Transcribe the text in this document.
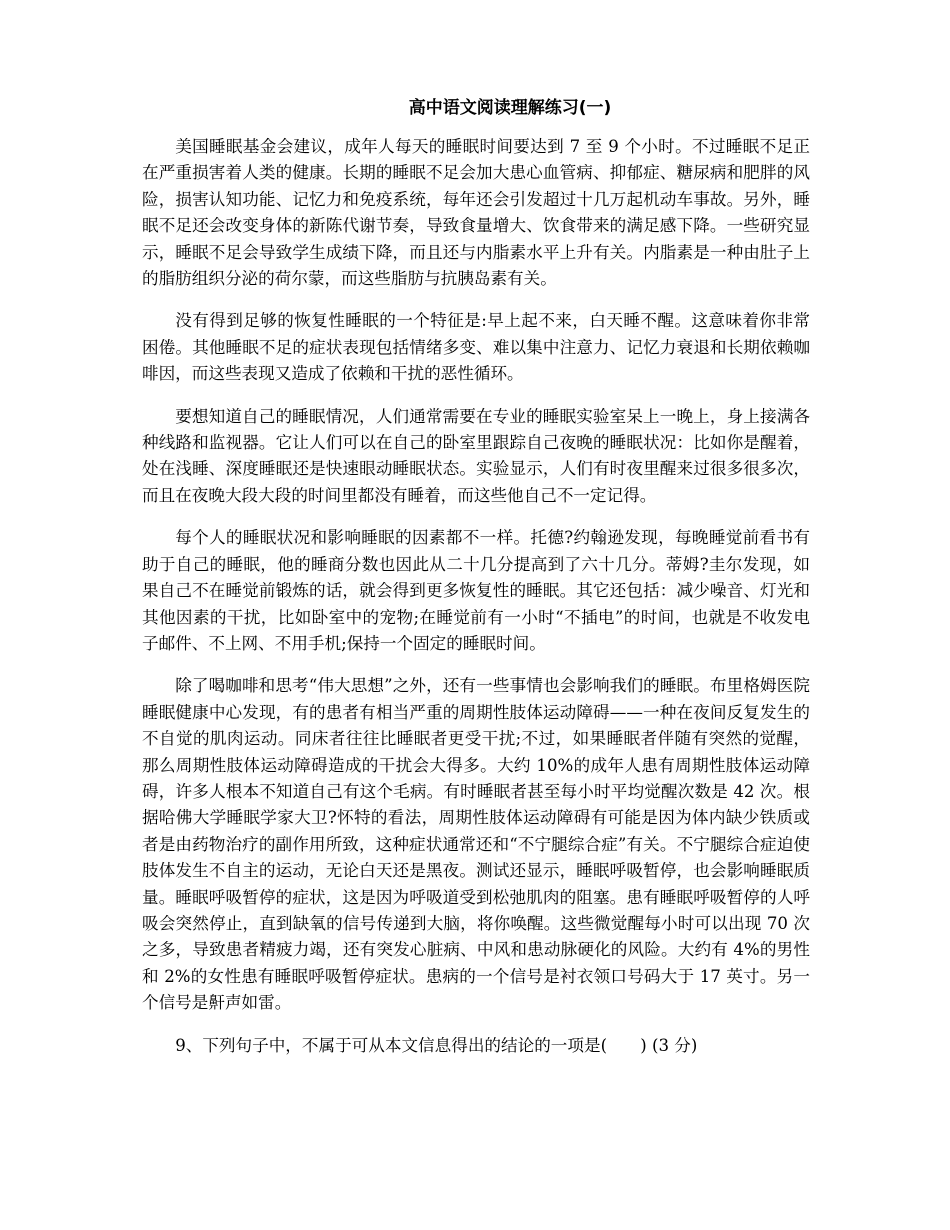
高中语文阅读理解练习(一)

美国睡眠基金会建议，成年人每天的睡眠时间要达到 7 至 9 个小时。不过睡眠不足正在严重损害着人类的健康。长期的睡眠不足会加大患心血管病、抑郁症、糖尿病和肥胖的风险，损害认知功能、记忆力和免疫系统，每年还会引发超过十几万起机动车事故。另外，睡眠不足还会改变身体的新陈代谢节奏，导致食量增大、饮食带来的满足感下降。一些研究显示，睡眠不足会导致学生成绩下降，而且还与内脂素水平上升有关。内脂素是一种由肚子上的脂肪组织分泌的荷尔蒙，而这些脂肪与抗胰岛素有关。

没有得到足够的恢复性睡眠的一个特征是:早上起不来，白天睡不醒。这意味着你非常困倦。其他睡眠不足的症状表现包括情绪多变、难以集中注意力、记忆力衰退和长期依赖咖啡因，而这些表现又造成了依赖和干扰的恶性循环。

要想知道自己的睡眠情况，人们通常需要在专业的睡眠实验室呆上一晚上，身上接满各种线路和监视器。它让人们可以在自己的卧室里跟踪自己夜晚的睡眠状况：比如你是醒着，处在浅睡、深度睡眠还是快速眼动睡眠状态。实验显示，人们有时夜里醒来过很多很多次，而且在夜晚大段大段的时间里都没有睡着，而这些他自己不一定记得。

每个人的睡眠状况和影响睡眠的因素都不一样。托德?约翰逊发现，每晚睡觉前看书有助于自己的睡眠，他的睡商分数也因此从二十几分提高到了六十几分。蒂姆?圭尔发现，如果自己不在睡觉前锻炼的话，就会得到更多恢复性的睡眠。其它还包括：减少噪音、灯光和其他因素的干扰，比如卧室中的宠物;在睡觉前有一小时“不插电”的时间，也就是不收发电子邮件、不上网、不用手机;保持一个固定的睡眠时间。

除了喝咖啡和思考“伟大思想”之外，还有一些事情也会影响我们的睡眠。布里格姆医院睡眠健康中心发现，有的患者有相当严重的周期性肢体运动障碍——一种在夜间反复发生的不自觉的肌肉运动。同床者往往比睡眠者更受干扰;不过，如果睡眠者伴随有突然的觉醒，那么周期性肢体运动障碍造成的干扰会大得多。大约 10%的成年人患有周期性肢体运动障碍，许多人根本不知道自己有这个毛病。有时睡眠者甚至每小时平均觉醒次数是 42 次。根据哈佛大学睡眠学家大卫?怀特的看法，周期性肢体运动障碍有可能是因为体内缺少铁质或者是由药物治疗的副作用所致，这种症状通常还和“不宁腿综合症”有关。不宁腿综合症迫使肢体发生不自主的运动，无论白天还是黑夜。测试还显示，睡眠呼吸暂停，也会影响睡眠质量。睡眠呼吸暂停的症状，这是因为呼吸道受到松弛肌肉的阻塞。患有睡眠呼吸暂停的人呼吸会突然停止，直到缺氧的信号传递到大脑，将你唤醒。这些微觉醒每小时可以出现 70 次之多，导致患者精疲力竭，还有突发心脏病、中风和患动脉硬化的风险。大约有 4%的男性和 2%的女性患有睡眠呼吸暂停症状。患病的一个信号是衬衣领口号码大于 17 英寸。另一个信号是鼾声如雷。

9、下列句子中，不属于可从本文信息得出的结论的一项是(　　) (3 分)
